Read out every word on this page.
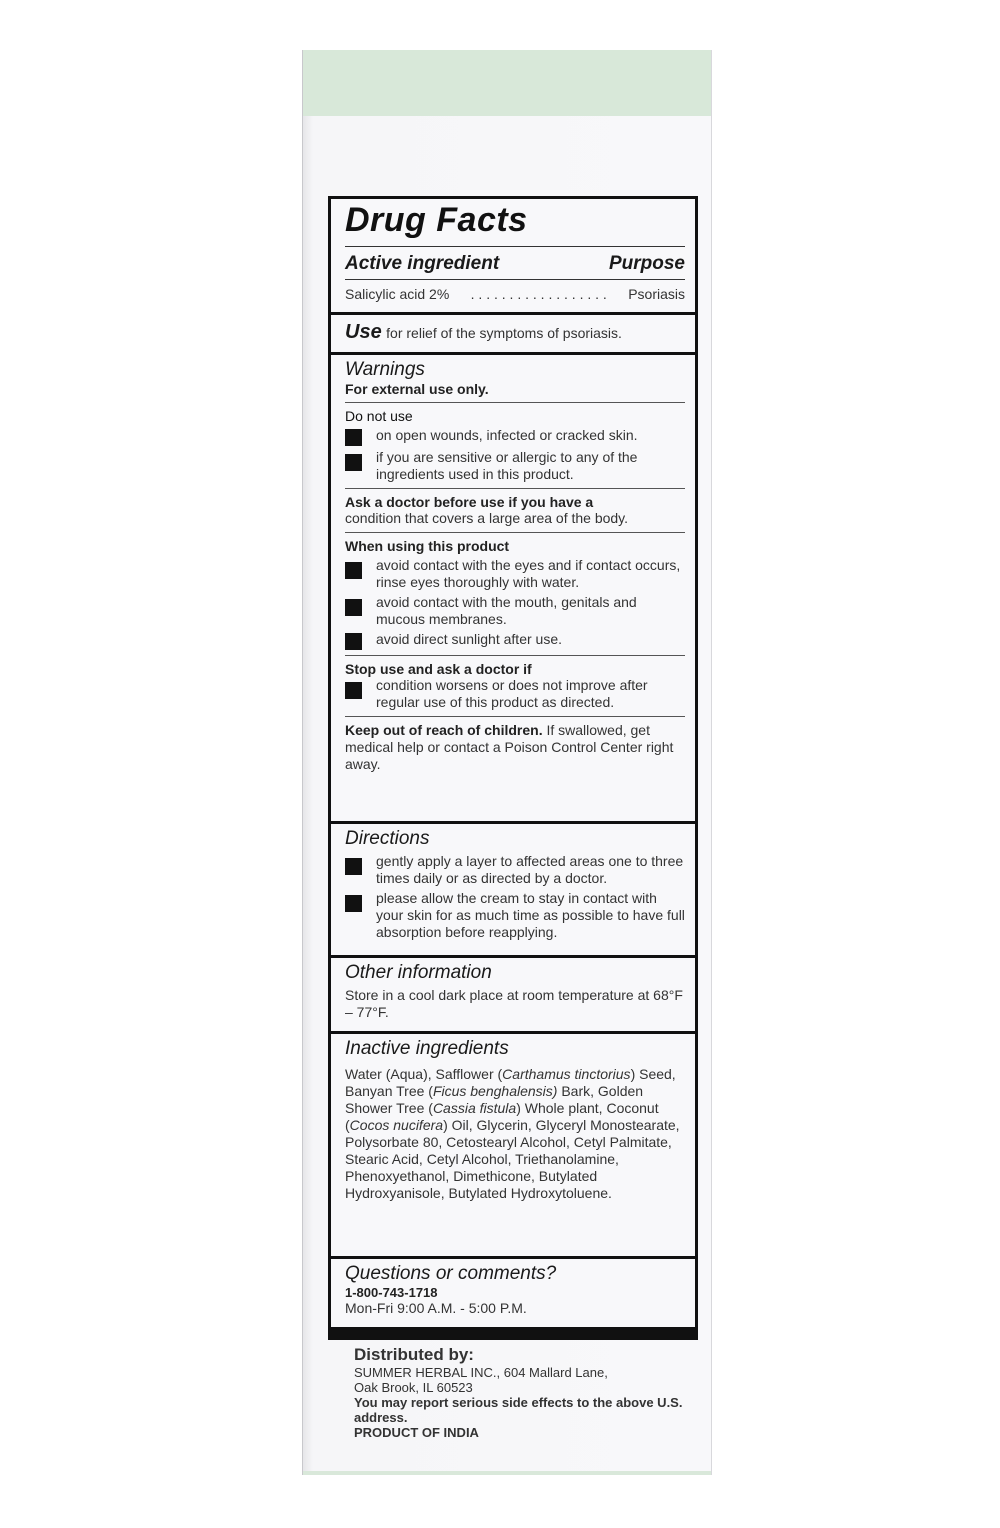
Drug Facts
Active ingredient	Purpose
Salicylic acid 2%	. . . . . . . . . . . . . . . . . .	Psoriasis
Use for relief of the symptoms of psoriasis.
Warnings
For external use only.
Do not use
on open wounds, infected or cracked skin.
if you are sensitive or allergic to any of the ingredients used in this product.
Ask a doctor before use if you have a
condition that covers a large area of the body.
When using this product
avoid contact with the eyes and if contact occurs, rinse eyes thoroughly with water.
avoid contact with the mouth, genitals and mucous membranes.
avoid direct sunlight after use.
Stop use and ask a doctor if
condition worsens or does not improve after regular use of this product as directed.
Keep out of reach of children. If swallowed, get medical help or contact a Poison Control Center right away.
Directions
gently apply a layer to affected areas one to three times daily or as directed by a doctor.
please allow the cream to stay in contact with your skin for as much time as possible to have full absorption before reapplying.
Other information
Store in a cool dark place at room temperature at 68°F – 77°F.
Inactive ingredients
Water (Aqua), Safflower (Carthamus tinctorius) Seed, Banyan Tree (Ficus benghalensis) Bark, Golden Shower Tree (Cassia fistula) Whole plant, Coconut (Cocos nucifera) Oil, Glycerin, Glyceryl Monostearate, Polysorbate 80, Cetostearyl Alcohol, Cetyl Palmitate, Stearic Acid, Cetyl Alcohol, Triethanolamine, Phenoxyethanol, Dimethicone, Butylated Hydroxyanisole, Butylated Hydroxytoluene.
Questions or comments?
1-800-743-1718
Mon-Fri 9:00 A.M. - 5:00 P.M.
Distributed by:
SUMMER HERBAL INC., 604 Mallard Lane,
Oak Brook, IL 60523
You may report serious side effects to the above U.S. address.
PRODUCT OF INDIA
